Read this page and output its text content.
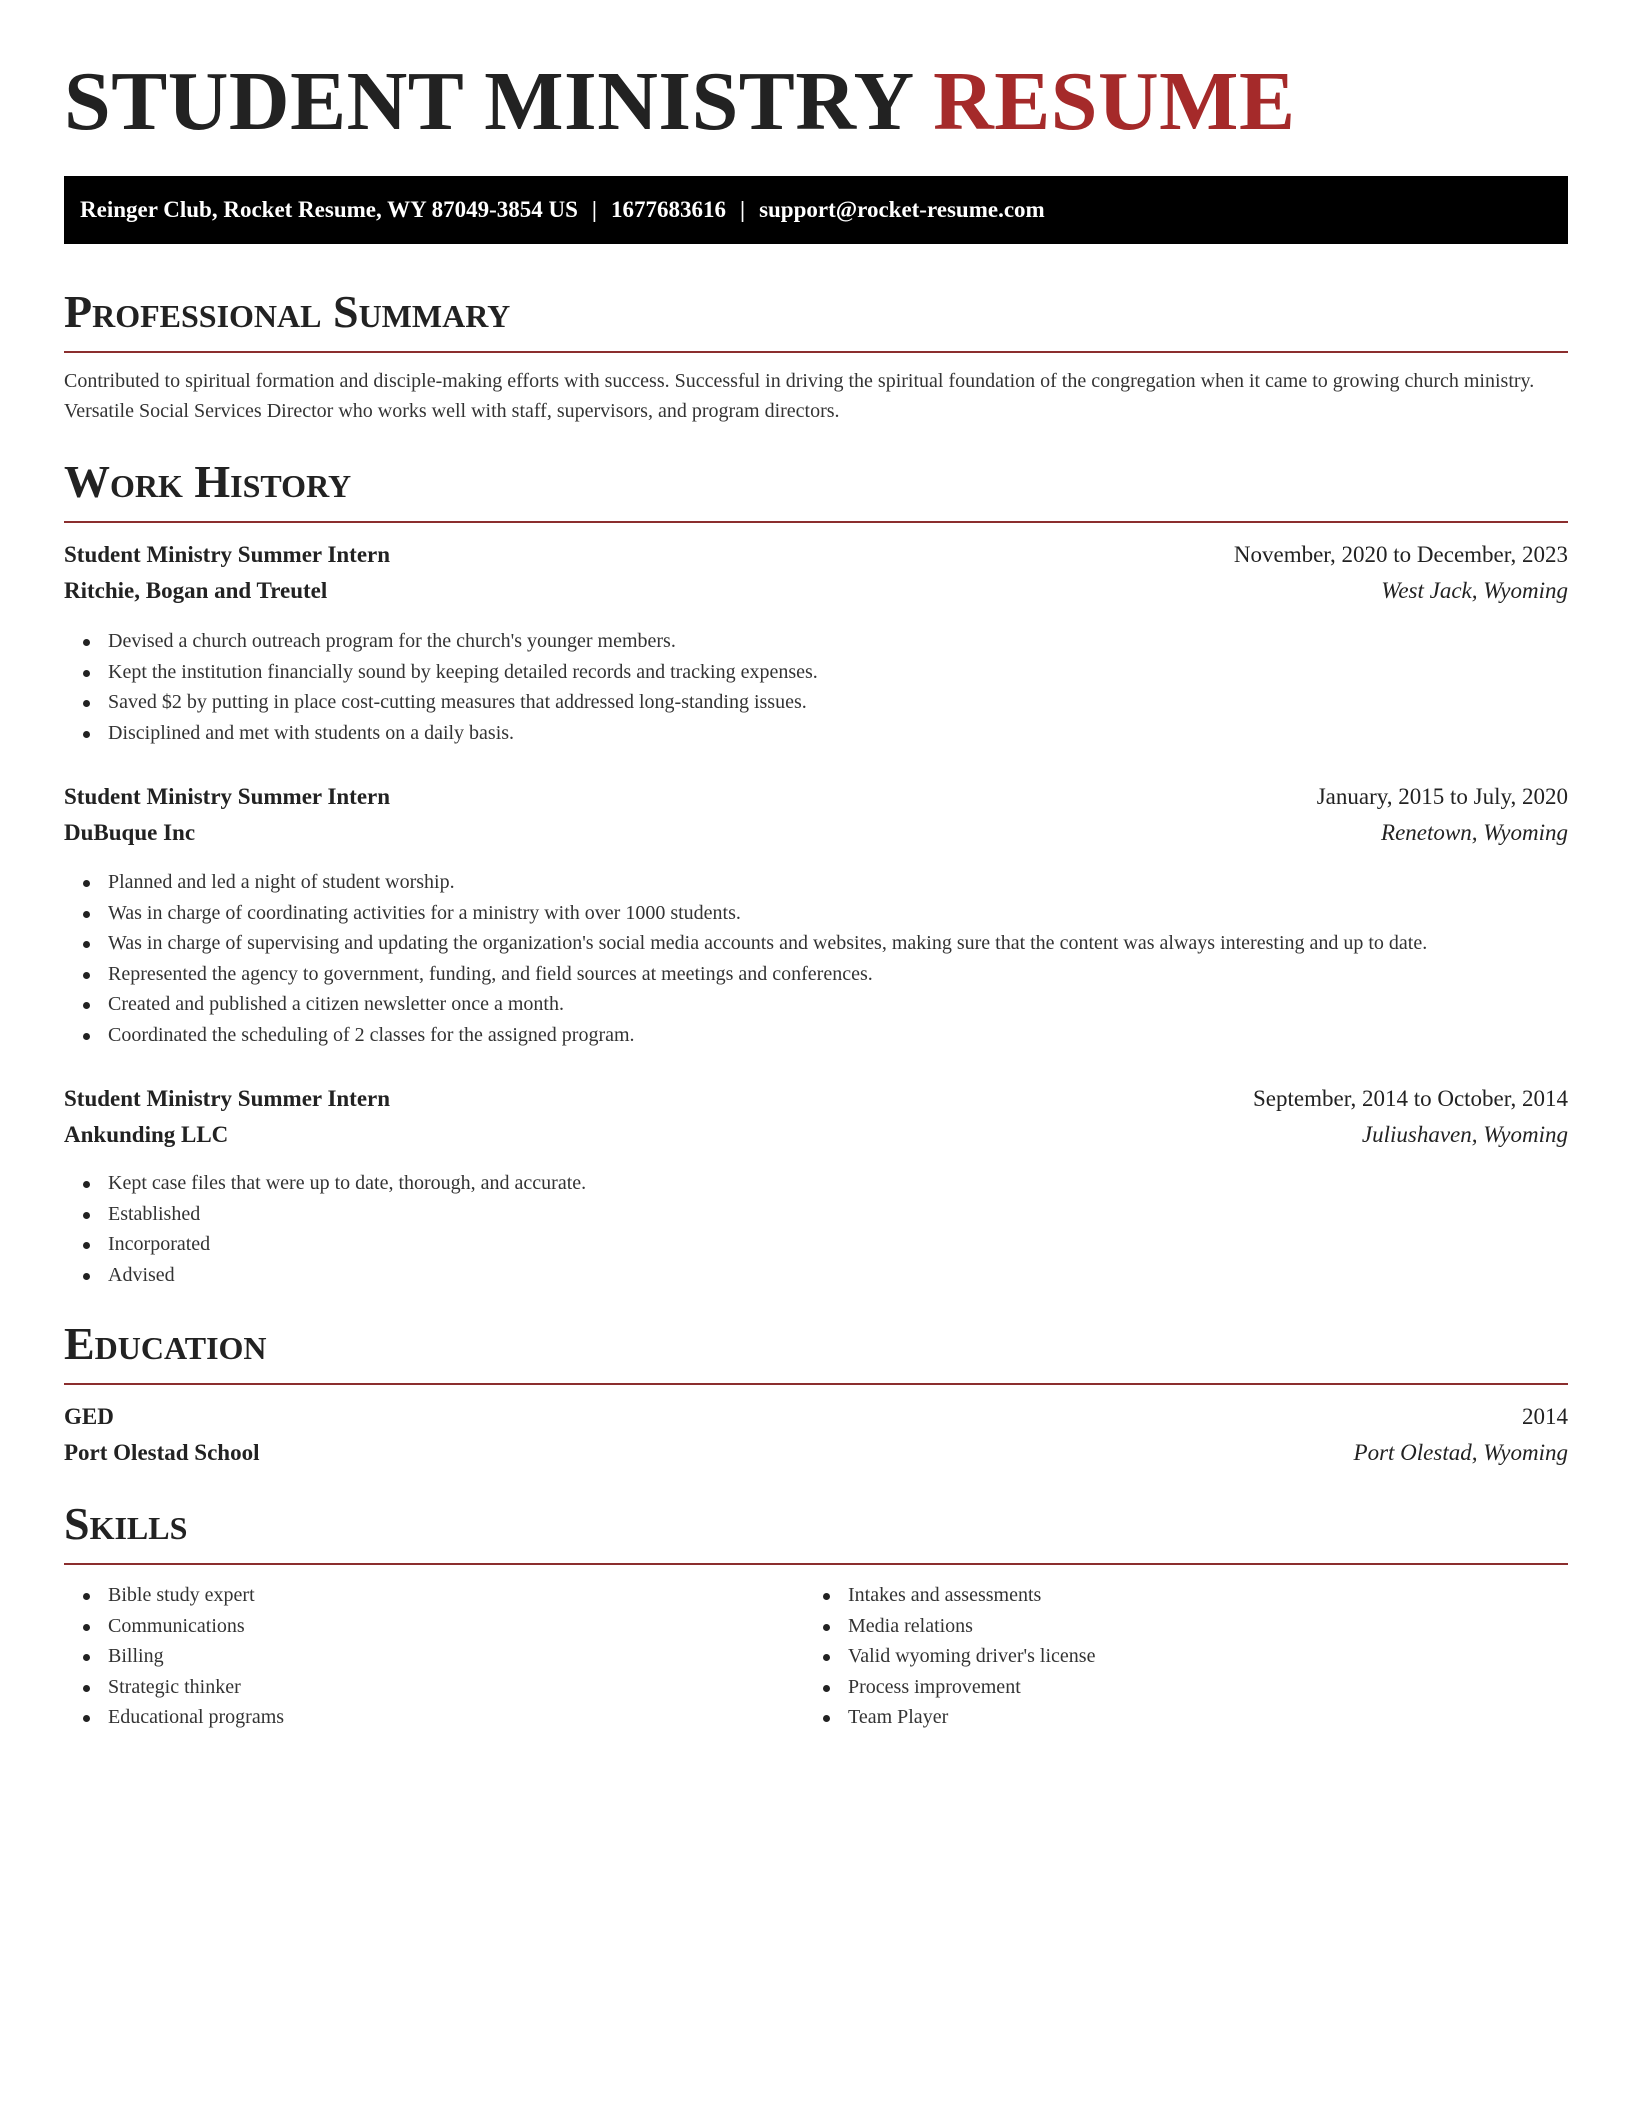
STUDENT MINISTRY RESUME
Reinger Club, Rocket Resume, WY 87049-3854 US | 1677683616 | support@rocket-resume.com
Professional Summary

Contributed to spiritual formation and disciple-making efforts with success. Successful in driving the spiritual foundation of the congregation when it came to growing church ministry. Versatile Social Services Director who works well with staff, supervisors, and program directors.

Work History
Student Ministry Summer Intern	November, 2020 to December, 2023
Ritchie, Bogan and Treutel	West Jack, Wyoming
Devised a church outreach program for the church's younger members.
Kept the institution financially sound by keeping detailed records and tracking expenses.
Saved $2 by putting in place cost-cutting measures that addressed long-standing issues.
Disciplined and met with students on a daily basis.
Student Ministry Summer Intern	January, 2015 to July, 2020
DuBuque Inc	Renetown, Wyoming
Planned and led a night of student worship.
Was in charge of coordinating activities for a ministry with over 1000 students.
Was in charge of supervising and updating the organization's social media accounts and websites, making sure that the content was always interesting and up to date.
Represented the agency to government, funding, and field sources at meetings and conferences.
Created and published a citizen newsletter once a month.
Coordinated the scheduling of 2 classes for the assigned program.
Student Ministry Summer Intern	September, 2014 to October, 2014
Ankunding LLC	Juliushaven, Wyoming
Kept case files that were up to date, thorough, and accurate.
Established
Incorporated
Advised
Education
GED	2014
Port Olestad School	Port Olestad, Wyoming
Skills
Bible study expert
Communications
Billing
Strategic thinker
Educational programs
Intakes and assessments
Media relations
Valid wyoming driver's license
Process improvement
Team Player
